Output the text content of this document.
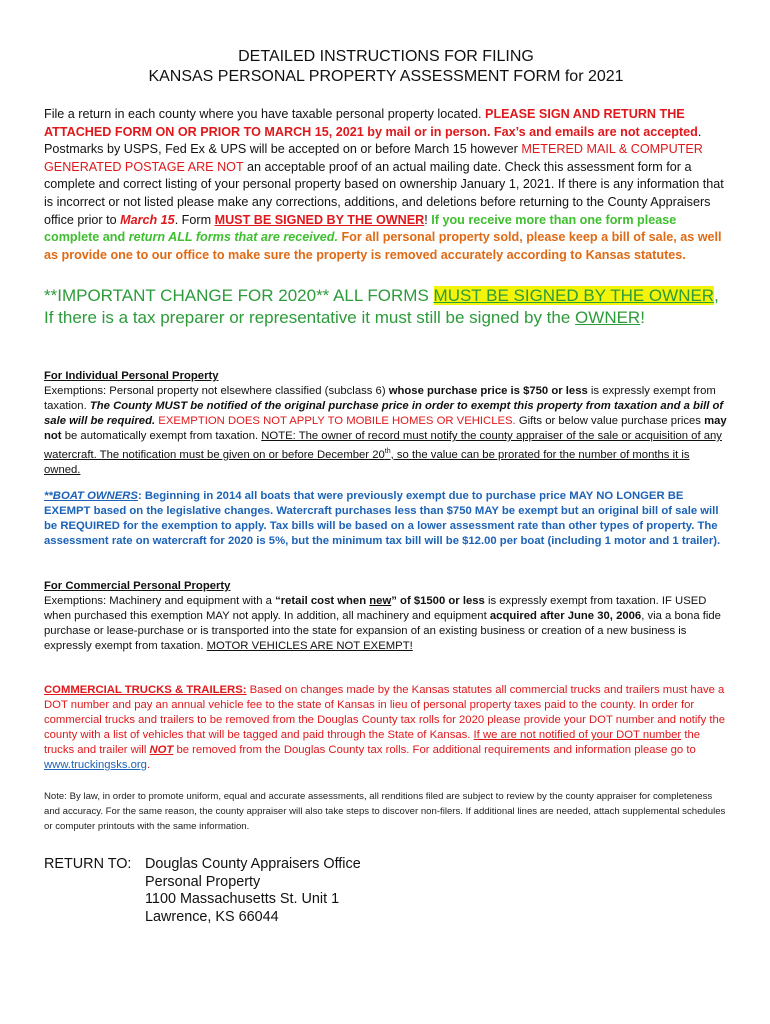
DETAILED INSTRUCTIONS FOR FILING
KANSAS PERSONAL PROPERTY ASSESSMENT FORM for 2021
File a return in each county where you have taxable personal property located. PLEASE SIGN AND RETURN THE ATTACHED FORM ON OR PRIOR TO MARCH 15, 2021 by mail or in person. Fax’s and emails are not accepted. Postmarks by USPS, Fed Ex & UPS will be accepted on or before March 15 however METERED MAIL & COMPUTER GENERATED POSTAGE ARE NOT an acceptable proof of an actual mailing date. Check this assessment form for a complete and correct listing of your personal property based on ownership January 1, 2021. If there is any information that is incorrect or not listed please make any corrections, additions, and deletions before returning to the County Appraisers office prior to March 15. Form MUST BE SIGNED BY THE OWNER! If you receive more than one form please complete and return ALL forms that are received. For all personal property sold, please keep a bill of sale, as well as provide one to our office to make sure the property is removed accurately according to Kansas statutes.
**IMPORTANT CHANGE FOR 2020** ALL FORMS MUST BE SIGNED BY THE OWNER, If there is a tax preparer or representative it must still be signed by the OWNER!
For Individual Personal Property
Exemptions: Personal property not elsewhere classified (subclass 6) whose purchase price is $750 or less is expressly exempt from taxation. The County MUST be notified of the original purchase price in order to exempt this property from taxation and a bill of sale will be required. EXEMPTION DOES NOT APPLY TO MOBILE HOMES OR VEHICLES. Gifts or below value purchase prices may not be automatically exempt from taxation. NOTE: The owner of record must notify the county appraiser of the sale or acquisition of any watercraft. The notification must be given on or before December 20th, so the value can be prorated for the number of months it is owned.
**BOAT OWNERS: Beginning in 2014 all boats that were previously exempt due to purchase price MAY NO LONGER BE EXEMPT based on the legislative changes. Watercraft purchases less than $750 MAY be exempt but an original bill of sale will be REQUIRED for the exemption to apply. Tax bills will be based on a lower assessment rate than other types of property. The assessment rate on watercraft for 2020 is 5%, but the minimum tax bill will be $12.00 per boat (including 1 motor and 1 trailer).
For Commercial Personal Property
Exemptions: Machinery and equipment with a “retail cost when new” of $1500 or less is expressly exempt from taxation. IF USED when purchased this exemption MAY not apply. In addition, all machinery and equipment acquired after June 30, 2006, via a bona fide purchase or lease-purchase or is transported into the state for expansion of an existing business or creation of a new business is expressly exempt from taxation. MOTOR VEHICLES ARE NOT EXEMPT!
COMMERCIAL TRUCKS & TRAILERS: Based on changes made by the Kansas statutes all commercial trucks and trailers must have a DOT number and pay an annual vehicle fee to the state of Kansas in lieu of personal property taxes paid to the county. In order for commercial trucks and trailers to be removed from the Douglas County tax rolls for 2020 please provide your DOT number and notify the county with a list of vehicles that will be tagged and paid through the State of Kansas. If we are not notified of your DOT number the trucks and trailer will NOT be removed from the Douglas County tax rolls. For additional requirements and information please go to www.truckingsks.org.
Note: By law, in order to promote uniform, equal and accurate assessments, all renditions filed are subject to review by the county appraiser for completeness and accuracy. For the same reason, the county appraiser will also take steps to discover non-filers. If additional lines are needed, attach supplemental schedules or computer printouts with the same information.
RETURN TO: Douglas County Appraisers Office
Personal Property
1100 Massachusetts St. Unit 1
Lawrence, KS 66044
